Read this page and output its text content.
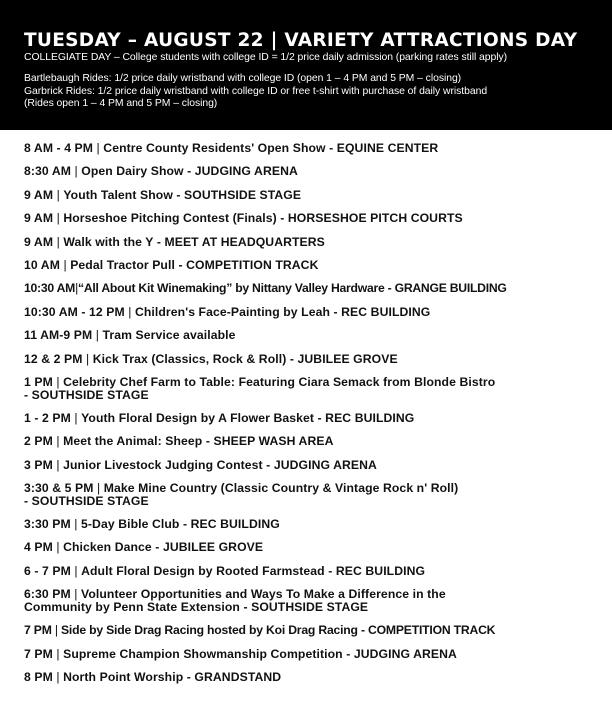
TUESDAY – AUGUST 22 | VARIETY ATTRACTIONS DAY
COLLEGIATE DAY – College students with college ID = 1/2 price daily admission (parking rates still apply)
Bartlebaugh Rides: 1/2 price daily wristband with college ID (open 1 – 4 PM and 5 PM – closing)
Garbrick Rides: 1/2 price daily wristband with college ID or free t-shirt with purchase of daily wristband
(Rides open 1 – 4 PM and 5 PM – closing)
8 AM - 4 PM | Centre County Residents' Open Show - EQUINE CENTER
8:30 AM | Open Dairy Show - JUDGING ARENA
9 AM | Youth Talent Show - SOUTHSIDE STAGE
9 AM | Horseshoe Pitching Contest (Finals) - HORSESHOE PITCH COURTS
9 AM | Walk with the Y - MEET AT HEADQUARTERS
10 AM | Pedal Tractor Pull - COMPETITION TRACK
10:30 AM|“All About Kit Winemaking” by Nittany Valley Hardware - GRANGE BUILDING
10:30 AM - 12 PM | Children's Face-Painting by Leah - REC BUILDING
11 AM-9 PM | Tram Service available
12 & 2 PM | Kick Trax (Classics, Rock & Roll) - JUBILEE GROVE
1 PM | Celebrity Chef Farm to Table: Featuring Ciara Semack from Blonde Bistro
- SOUTHSIDE STAGE
1 - 2 PM | Youth Floral Design by A Flower Basket - REC BUILDING
2 PM | Meet the Animal: Sheep - SHEEP WASH AREA
3 PM | Junior Livestock Judging Contest - JUDGING ARENA
3:30 & 5 PM | Make Mine Country (Classic Country & Vintage Rock n' Roll)
- SOUTHSIDE STAGE
3:30 PM | 5-Day Bible Club - REC BUILDING
4 PM | Chicken Dance - JUBILEE GROVE
6 - 7 PM | Adult Floral Design by Rooted Farmstead - REC BUILDING
6:30 PM | Volunteer Opportunities and Ways To Make a Difference in the
Community by Penn State Extension - SOUTHSIDE STAGE
7 PM | Side by Side Drag Racing hosted by Koi Drag Racing - COMPETITION TRACK
7 PM | Supreme Champion Showmanship Competition - JUDGING ARENA
8 PM | North Point Worship - GRANDSTAND
